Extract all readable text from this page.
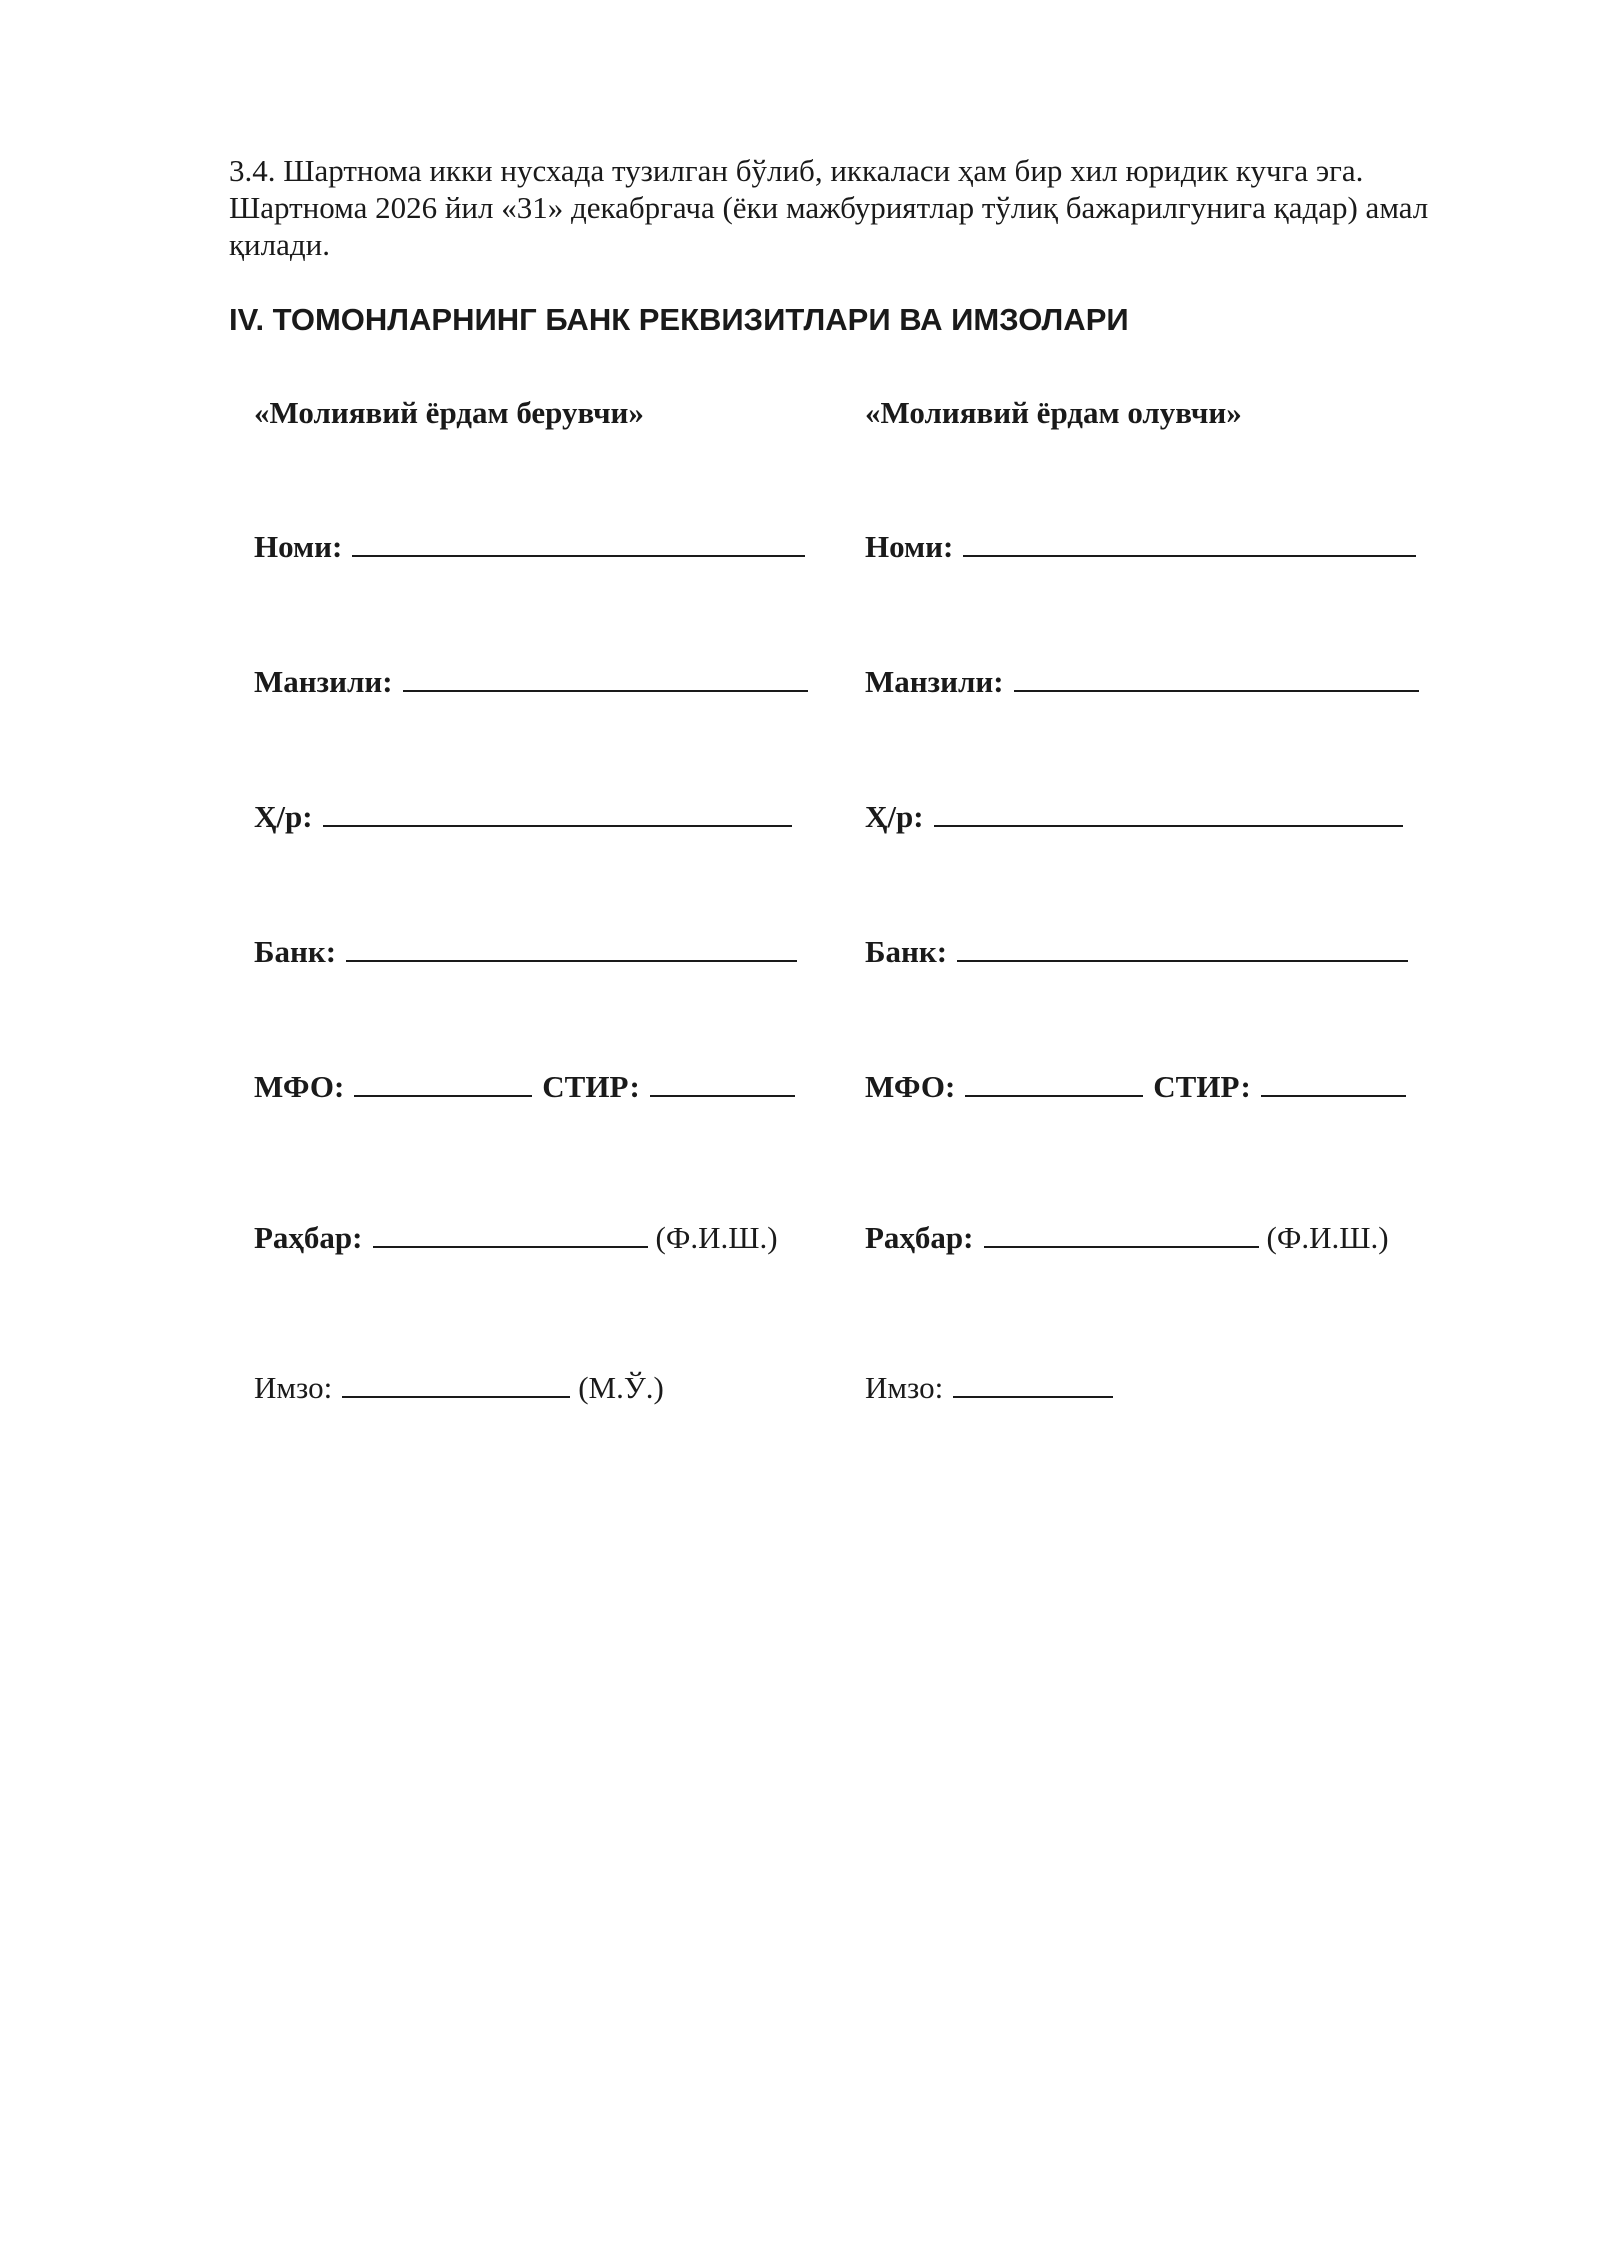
3.4. Шартнома икки нусхада тузилган бўлиб, иккаласи ҳам бир хил юридик кучга эга.
Шартнома 2026 йил «31» декабргача (ёки мажбуриятлар тўлиқ бажарилгунига қадар) амал
қилади.

IV. ТОМОНЛАРНИНГ БАНК РЕКВИЗИТЛАРИ ВА ИМЗОЛАРИ
«Молиявий ёрдам берувчи»
Номи:
Манзили:
Ҳ/р:
Банк:
МФО:	СТИР:
Раҳбар:	(Ф.И.Ш.)
Имзо:	(М.Ў.)
«Молиявий ёрдам олувчи»
Номи:
Манзили:
Ҳ/р:
Банк:
МФО:	СТИР:
Раҳбар:	(Ф.И.Ш.)
Имзо:
